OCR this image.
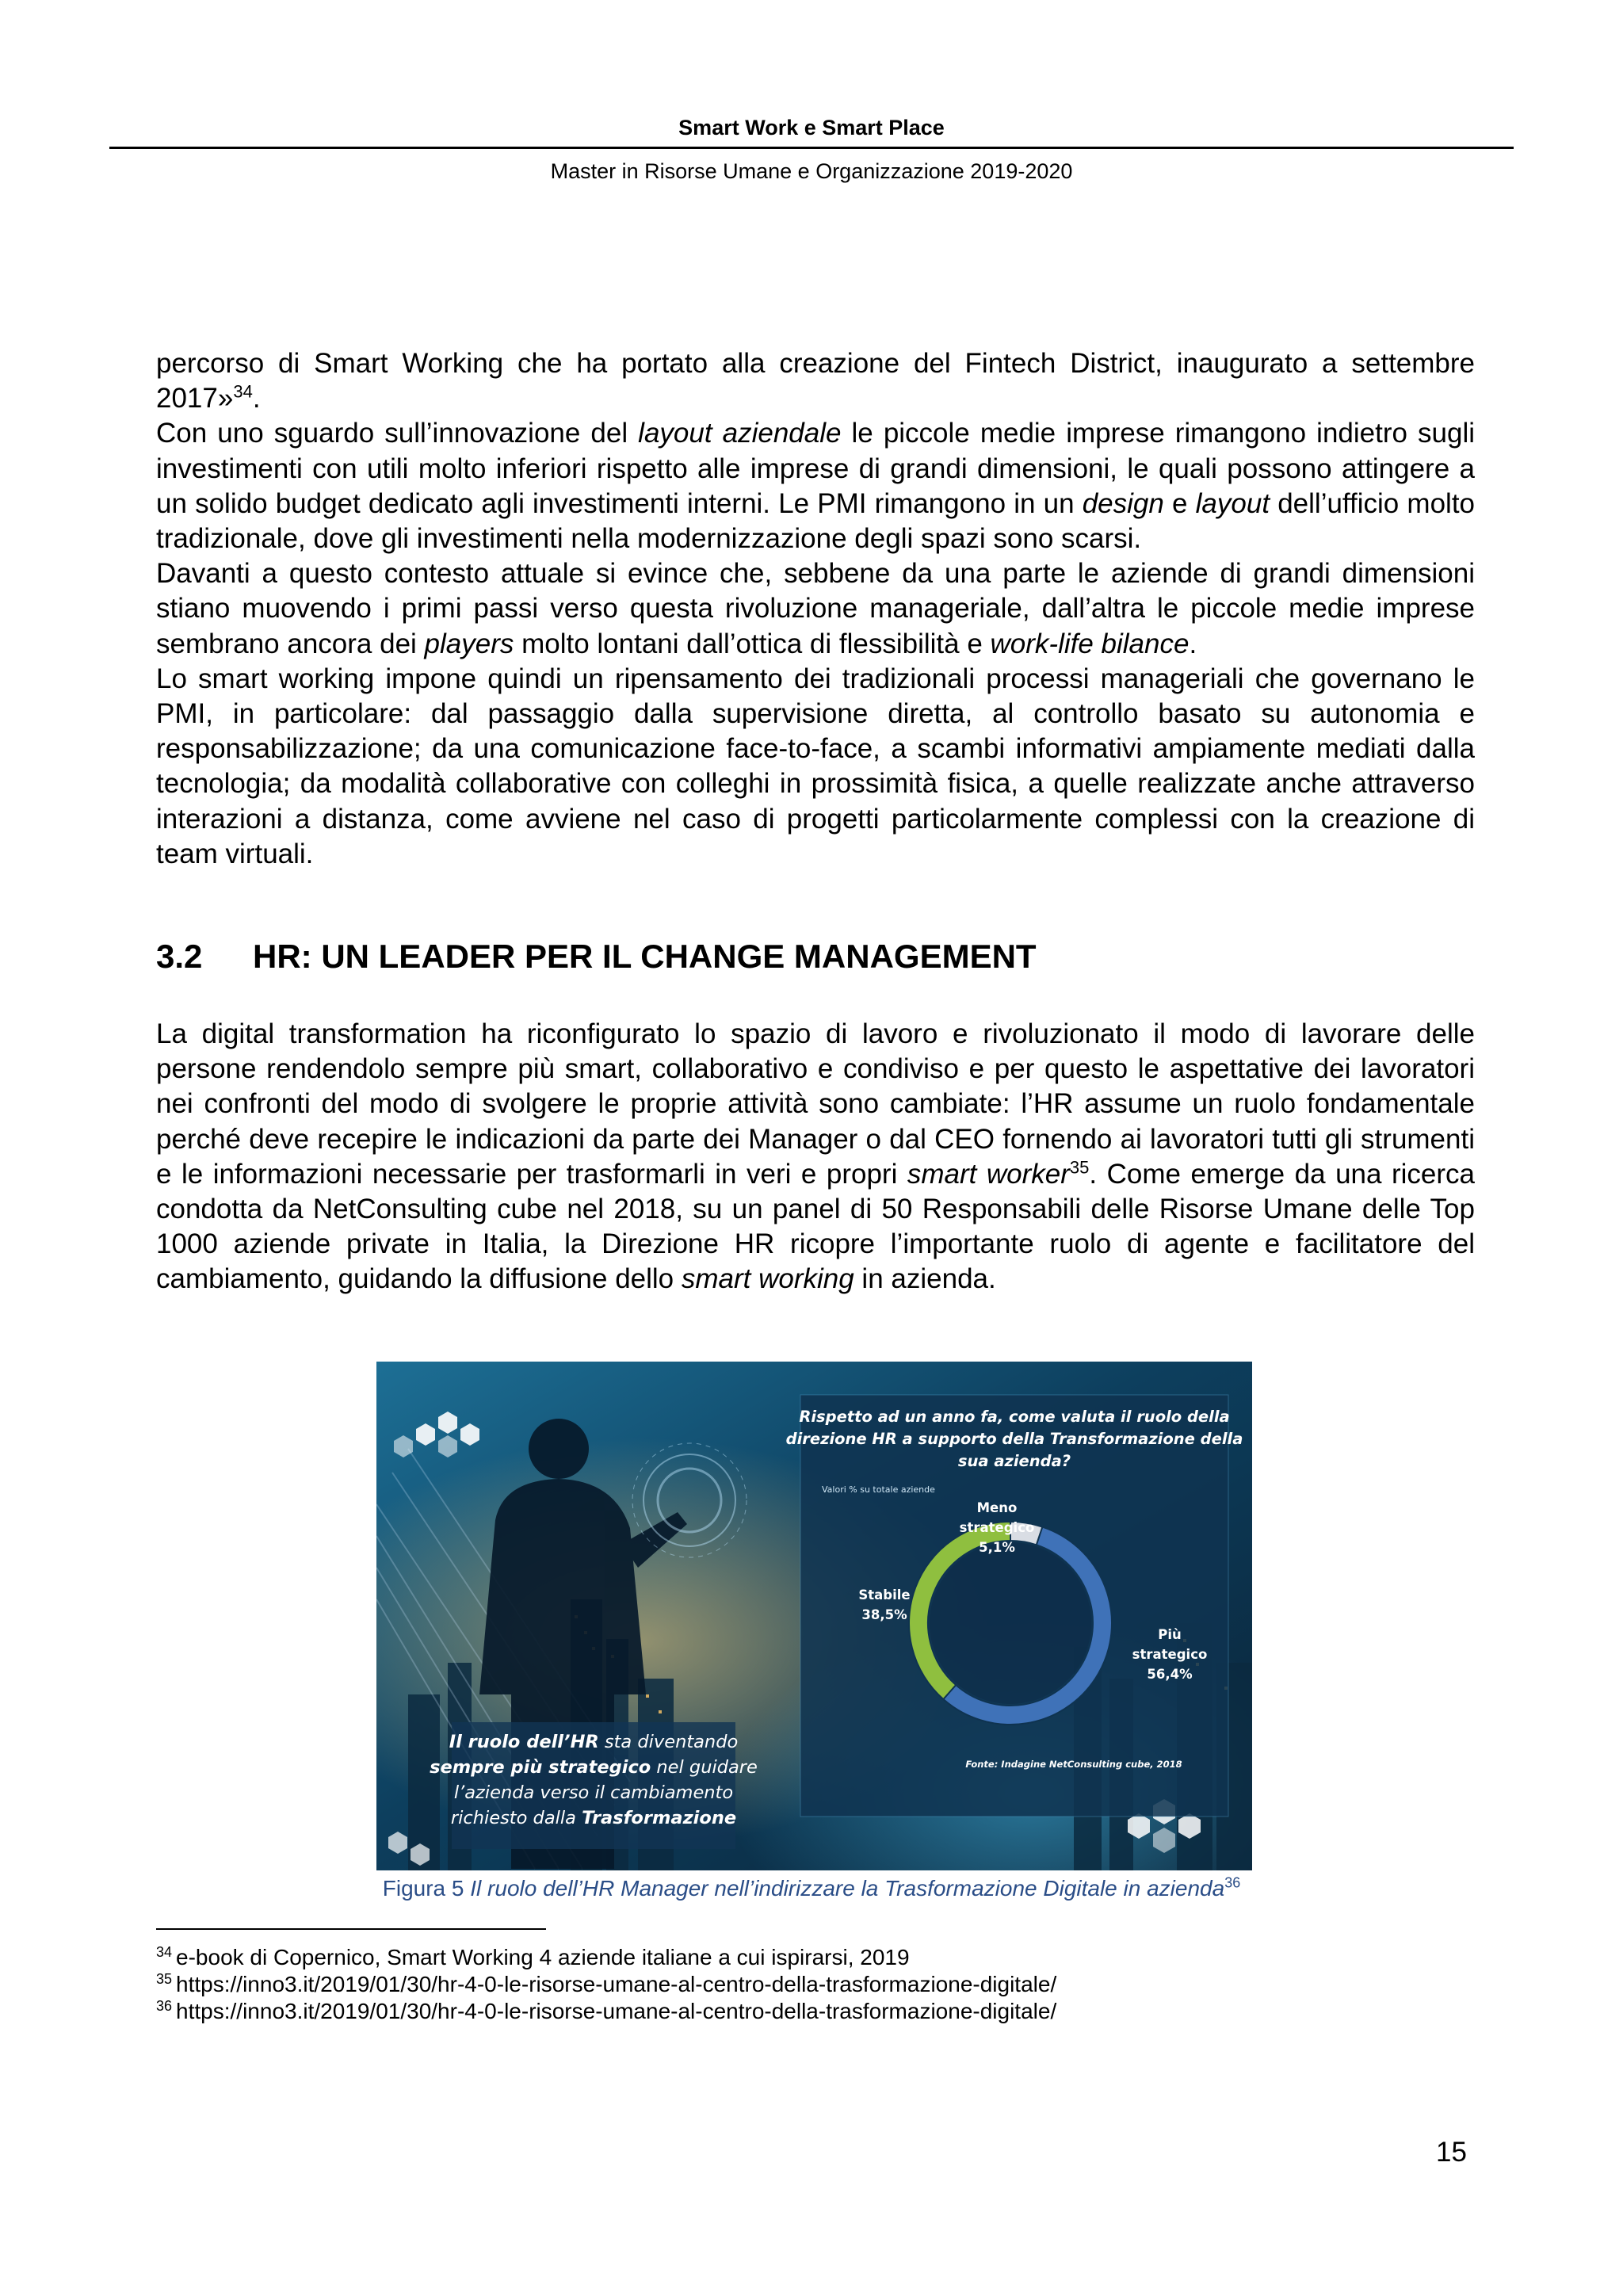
Smart Work e Smart Place
Master in Risorse Umane e Organizzazione 2019-2020

percorso di Smart Working che ha portato alla creazione del Fintech District, inaugurato a settembre 2017»$^{34}$.

Con uno sguardo sull’innovazione del layout aziendale le piccole medie imprese rimangono indietro sugli investimenti con utili molto inferiori rispetto alle imprese di grandi dimensioni, le quali possono attingere a un solido budget dedicato agli investimenti interni. Le PMI rimangono in un design e layout dell’ufficio molto tradizionale, dove gli investimenti nella modernizzazione degli spazi sono scarsi.

Davanti a questo contesto attuale si evince che, sebbene da una parte le aziende di grandi dimensioni stiano muovendo i primi passi verso questa rivoluzione manageriale, dall’altra le piccole medie imprese sembrano ancora dei players molto lontani dall’ottica di flessibilità e work-life bilance.

Lo smart working impone quindi un ripensamento dei tradizionali processi manageriali che governano le PMI, in particolare: dal passaggio dalla supervisione diretta, al controllo basato su autonomia e responsabilizzazione; da una comunicazione face-to-face, a scambi informativi ampiamente mediati dalla tecnologia; da modalità collaborative con colleghi in prossimità fisica, a quelle realizzate anche attraverso interazioni a distanza, come avviene nel caso di progetti particolarmente complessi con la creazione di team virtuali.

3.2 HR: UN LEADER PER IL CHANGE MANAGEMENT

La digital transformation ha riconfigurato lo spazio di lavoro e rivoluzionato il modo di lavorare delle persone rendendolo sempre più smart, collaborativo e condiviso e per questo le aspettative dei lavoratori nei confronti del modo di svolgere le proprie attività sono cambiate: l’HR assume un ruolo fondamentale perché deve recepire le indicazioni da parte dei Manager o dal CEO fornendo ai lavoratori tutti gli strumenti e le informazioni necessarie per trasformarli in veri e propri smart worker$^{35}$. Come emerge da una ricerca condotta da NetConsulting cube nel 2018, su un panel di 50 Responsabili delle Risorse Umane delle Top 1000 aziende private in Italia, la Direzione HR ricopre l’importante ruolo di agente e facilitatore del cambiamento, guidando la diffusione dello smart working in azienda.

Il ruolo dell’HR sta diventando
sempre più strategico nel guidare
l’azienda verso il cambiamento
richiesto dalla Trasformazione
Rispetto ad un anno fa, come valuta il ruolo della
direzione HR a supporto della Transformazione della
sua azienda?
Valori % su totale aziende
Meno
strategico
5,1%
Stabile
38,5%
Più
strategico
56,4%
Fonte: Indagine NetConsulting cube, 2018
Figura 5 Il ruolo dell’HR Manager nell’indirizzare la Trasformazione Digitale in azienda$^{36}$

$^{34}$ e-book di Copernico, Smart Working 4 aziende italiane a cui ispirarsi, 2019

$^{35}$ https://inno3.it/2019/01/30/hr-4-0-le-risorse-umane-al-centro-della-trasformazione-digitale/

$^{36}$ https://inno3.it/2019/01/30/hr-4-0-le-risorse-umane-al-centro-della-trasformazione-digitale/

15
